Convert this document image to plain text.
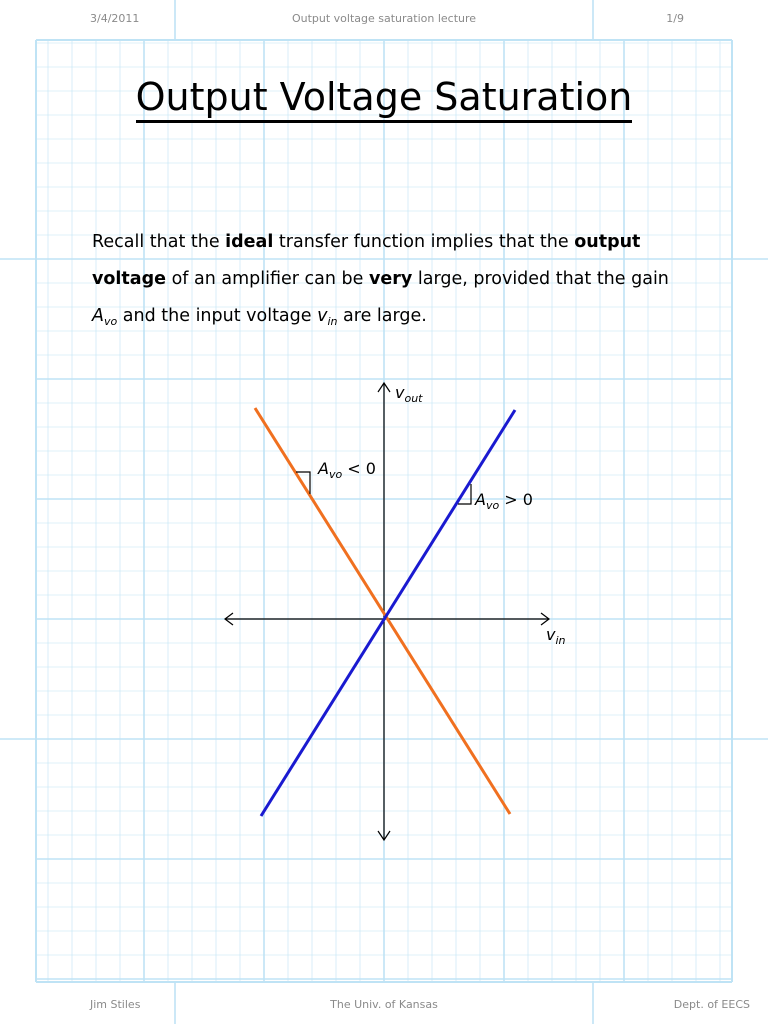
3/4/2011	Output voltage saturation lecture	1/9
Output Voltage Saturation

Recall that the ideal transfer function implies that the output voltage of an amplifier can be very large, provided that the gain $A_{vo}$ and the input voltage $v_{in}$ are large.

$v_{out}$
$v_{in}$
$A_{vo} < 0$
$A_{vo} > 0$
Jim Stiles	The Univ. of Kansas	Dept. of EECS
